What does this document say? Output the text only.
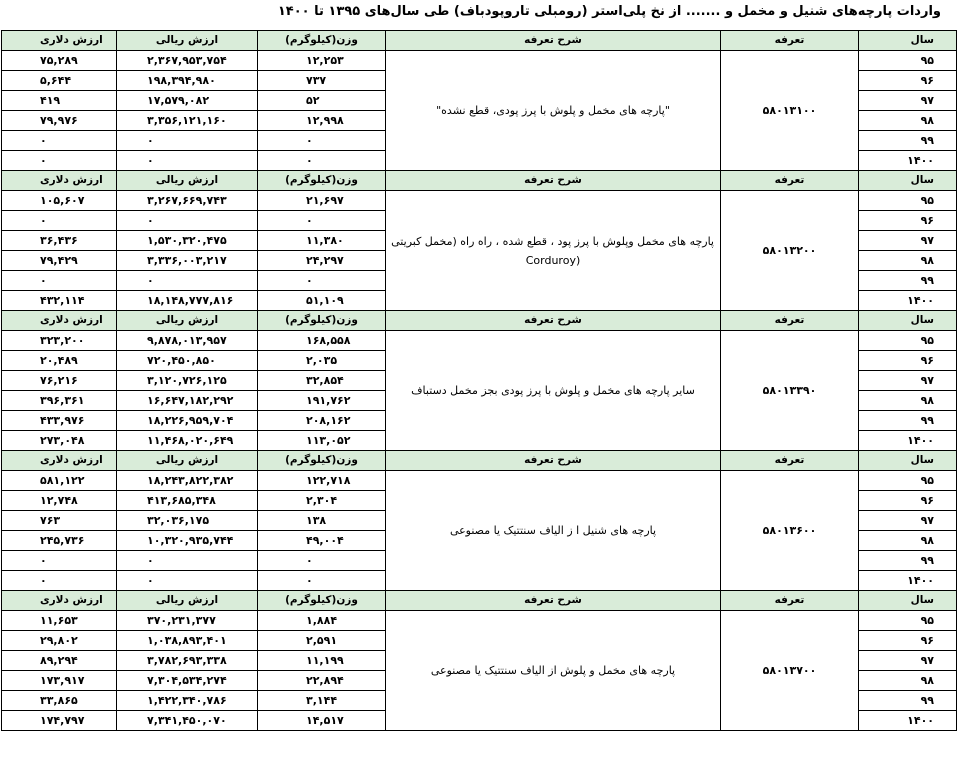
واردات پارچه‌های شنیل و مخمل و ....... از نخ پلی‌استر (رومبلی تاروپودباف) طی سال‌های ۱۳۹۵ تا ۱۴۰۰
سال	تعرفه	شرح تعرفه	وزن(کیلوگرم)	ارزش ریالی	ارزش دلاری
۹۵	۵۸۰۱۳۱۰۰	"پارچه های مخمل و پلوش با پرز پودی، قطع نشده"	۱۲,۲۵۳	۲,۳۶۷,۹۵۳,۷۵۴	۷۵,۲۸۹
۹۶			۷۳۷	۱۹۸,۳۹۴,۹۸۰	۵,۶۴۴
۹۷			۵۲	۱۷,۵۷۹,۰۸۲	۴۱۹
۹۸			۱۲,۹۹۸	۳,۳۵۶,۱۲۱,۱۶۰	۷۹,۹۷۶
۹۹			۰	۰	۰
۱۴۰۰			۰	۰	۰
سال	تعرفه	شرح تعرفه	وزن(کیلوگرم)	ارزش ریالی	ارزش دلاری
۹۵	۵۸۰۱۳۲۰۰	پارچه های مخمل وپلوش با پرز پود ، قطع شده ، راه راه (مخمل کبریتی
(Corduroy	۲۱,۶۹۷	۳,۲۶۷,۶۶۹,۷۴۳	۱۰۵,۶۰۷
۹۶			۰	۰	۰
۹۷			۱۱,۳۸۰	۱,۵۳۰,۳۲۰,۴۷۵	۳۶,۴۳۶
۹۸			۲۴,۲۹۷	۳,۳۳۶,۰۰۳,۲۱۷	۷۹,۴۲۹
۹۹			۰	۰	۰
۱۴۰۰			۵۱,۱۰۹	۱۸,۱۴۸,۷۷۷,۸۱۶	۴۳۲,۱۱۴
سال	تعرفه	شرح تعرفه	وزن(کیلوگرم)	ارزش ریالی	ارزش دلاری
۹۵	۵۸۰۱۳۳۹۰	سایر پارچه های مخمل و پلوش با پرز پودی بجز مخمل دستباف	۱۶۸,۵۵۸	۹,۸۷۸,۰۱۳,۹۵۷	۳۲۳,۲۰۰
۹۶			۲,۰۳۵	۷۲۰,۴۵۰,۸۵۰	۲۰,۴۸۹
۹۷			۳۲,۸۵۴	۳,۱۲۰,۷۲۶,۱۲۵	۷۶,۲۱۶
۹۸			۱۹۱,۷۶۲	۱۶,۶۴۷,۱۸۲,۲۹۲	۳۹۶,۳۶۱
۹۹			۲۰۸,۱۶۲	۱۸,۲۲۶,۹۵۹,۷۰۴	۴۳۳,۹۷۶
۱۴۰۰			۱۱۳,۰۵۲	۱۱,۴۶۸,۰۲۰,۶۴۹	۲۷۳,۰۴۸
سال	تعرفه	شرح تعرفه	وزن(کیلوگرم)	ارزش ریالی	ارزش دلاری
۹۵	۵۸۰۱۳۶۰۰	پارچه های شنیل ا ز الیاف سنتتیک یا مصنوعی	۱۲۲,۷۱۸	۱۸,۲۴۳,۸۲۲,۳۸۲	۵۸۱,۱۲۲
۹۶			۲,۳۰۴	۴۱۳,۶۸۵,۳۴۸	۱۲,۷۴۸
۹۷			۱۳۸	۳۲,۰۳۶,۱۷۵	۷۶۳
۹۸			۴۹,۰۰۴	۱۰,۳۲۰,۹۳۵,۷۴۴	۲۴۵,۷۳۶
۹۹			۰	۰	۰
۱۴۰۰			۰	۰	۰
سال	تعرفه	شرح تعرفه	وزن(کیلوگرم)	ارزش ریالی	ارزش دلاری
۹۵	۵۸۰۱۳۷۰۰	پارچه های مخمل و پلوش از الیاف سنتتیک یا مصنوعی	۱,۸۸۴	۳۷۰,۲۳۱,۳۷۷	۱۱,۶۵۳
۹۶			۲,۵۹۱	۱,۰۳۸,۸۹۳,۴۰۱	۲۹,۸۰۲
۹۷			۱۱,۱۹۹	۳,۷۸۲,۶۹۳,۳۳۸	۸۹,۲۹۴
۹۸			۲۲,۸۹۴	۷,۳۰۴,۵۳۴,۲۷۴	۱۷۳,۹۱۷
۹۹			۳,۱۴۴	۱,۴۲۲,۳۴۰,۷۸۶	۳۳,۸۶۵
۱۴۰۰			۱۴,۵۱۷	۷,۳۴۱,۴۵۰,۰۷۰	۱۷۴,۷۹۷
